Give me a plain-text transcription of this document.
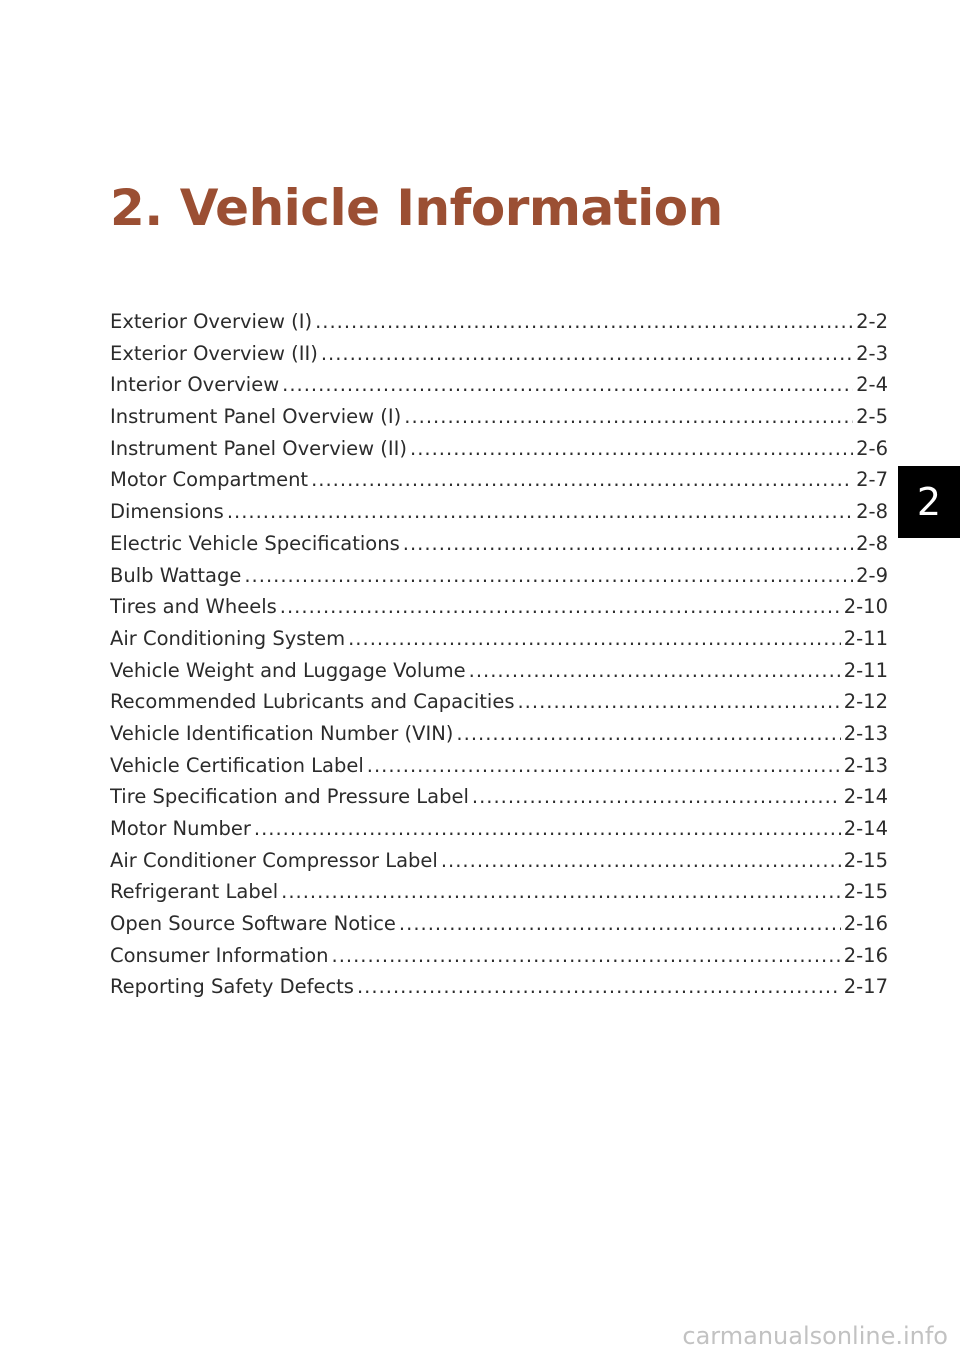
2. Vehicle Information
Exterior Overview (I) .....	2-2
Exterior Overview (II) .....	2-3
Interior Overview .....	2-4
Instrument Panel Overview (I) .....	2-5
Instrument Panel Overview (II) .....	2-6
Motor Compartment .....	2-7
Dimensions .....	2-8
Electric Vehicle Specifications .....	2-8
Bulb Wattage .....	2-9
Tires and Wheels .....	2-10
Air Conditioning System .....	2-11
Vehicle Weight and Luggage Volume .....	2-11
Recommended Lubricants and Capacities .....	2-12
Vehicle Identification Number (VIN) .....	2-13
Vehicle Certification Label .....	2-13
Tire Specification and Pressure Label .....	2-14
Motor Number .....	2-14
Air Conditioner Compressor Label .....	2-15
Refrigerant Label .....	2-15
Open Source Software Notice .....	2-16
Consumer Information .....	2-16
Reporting Safety Defects .....	2-17
2
carmanualsonline.info
